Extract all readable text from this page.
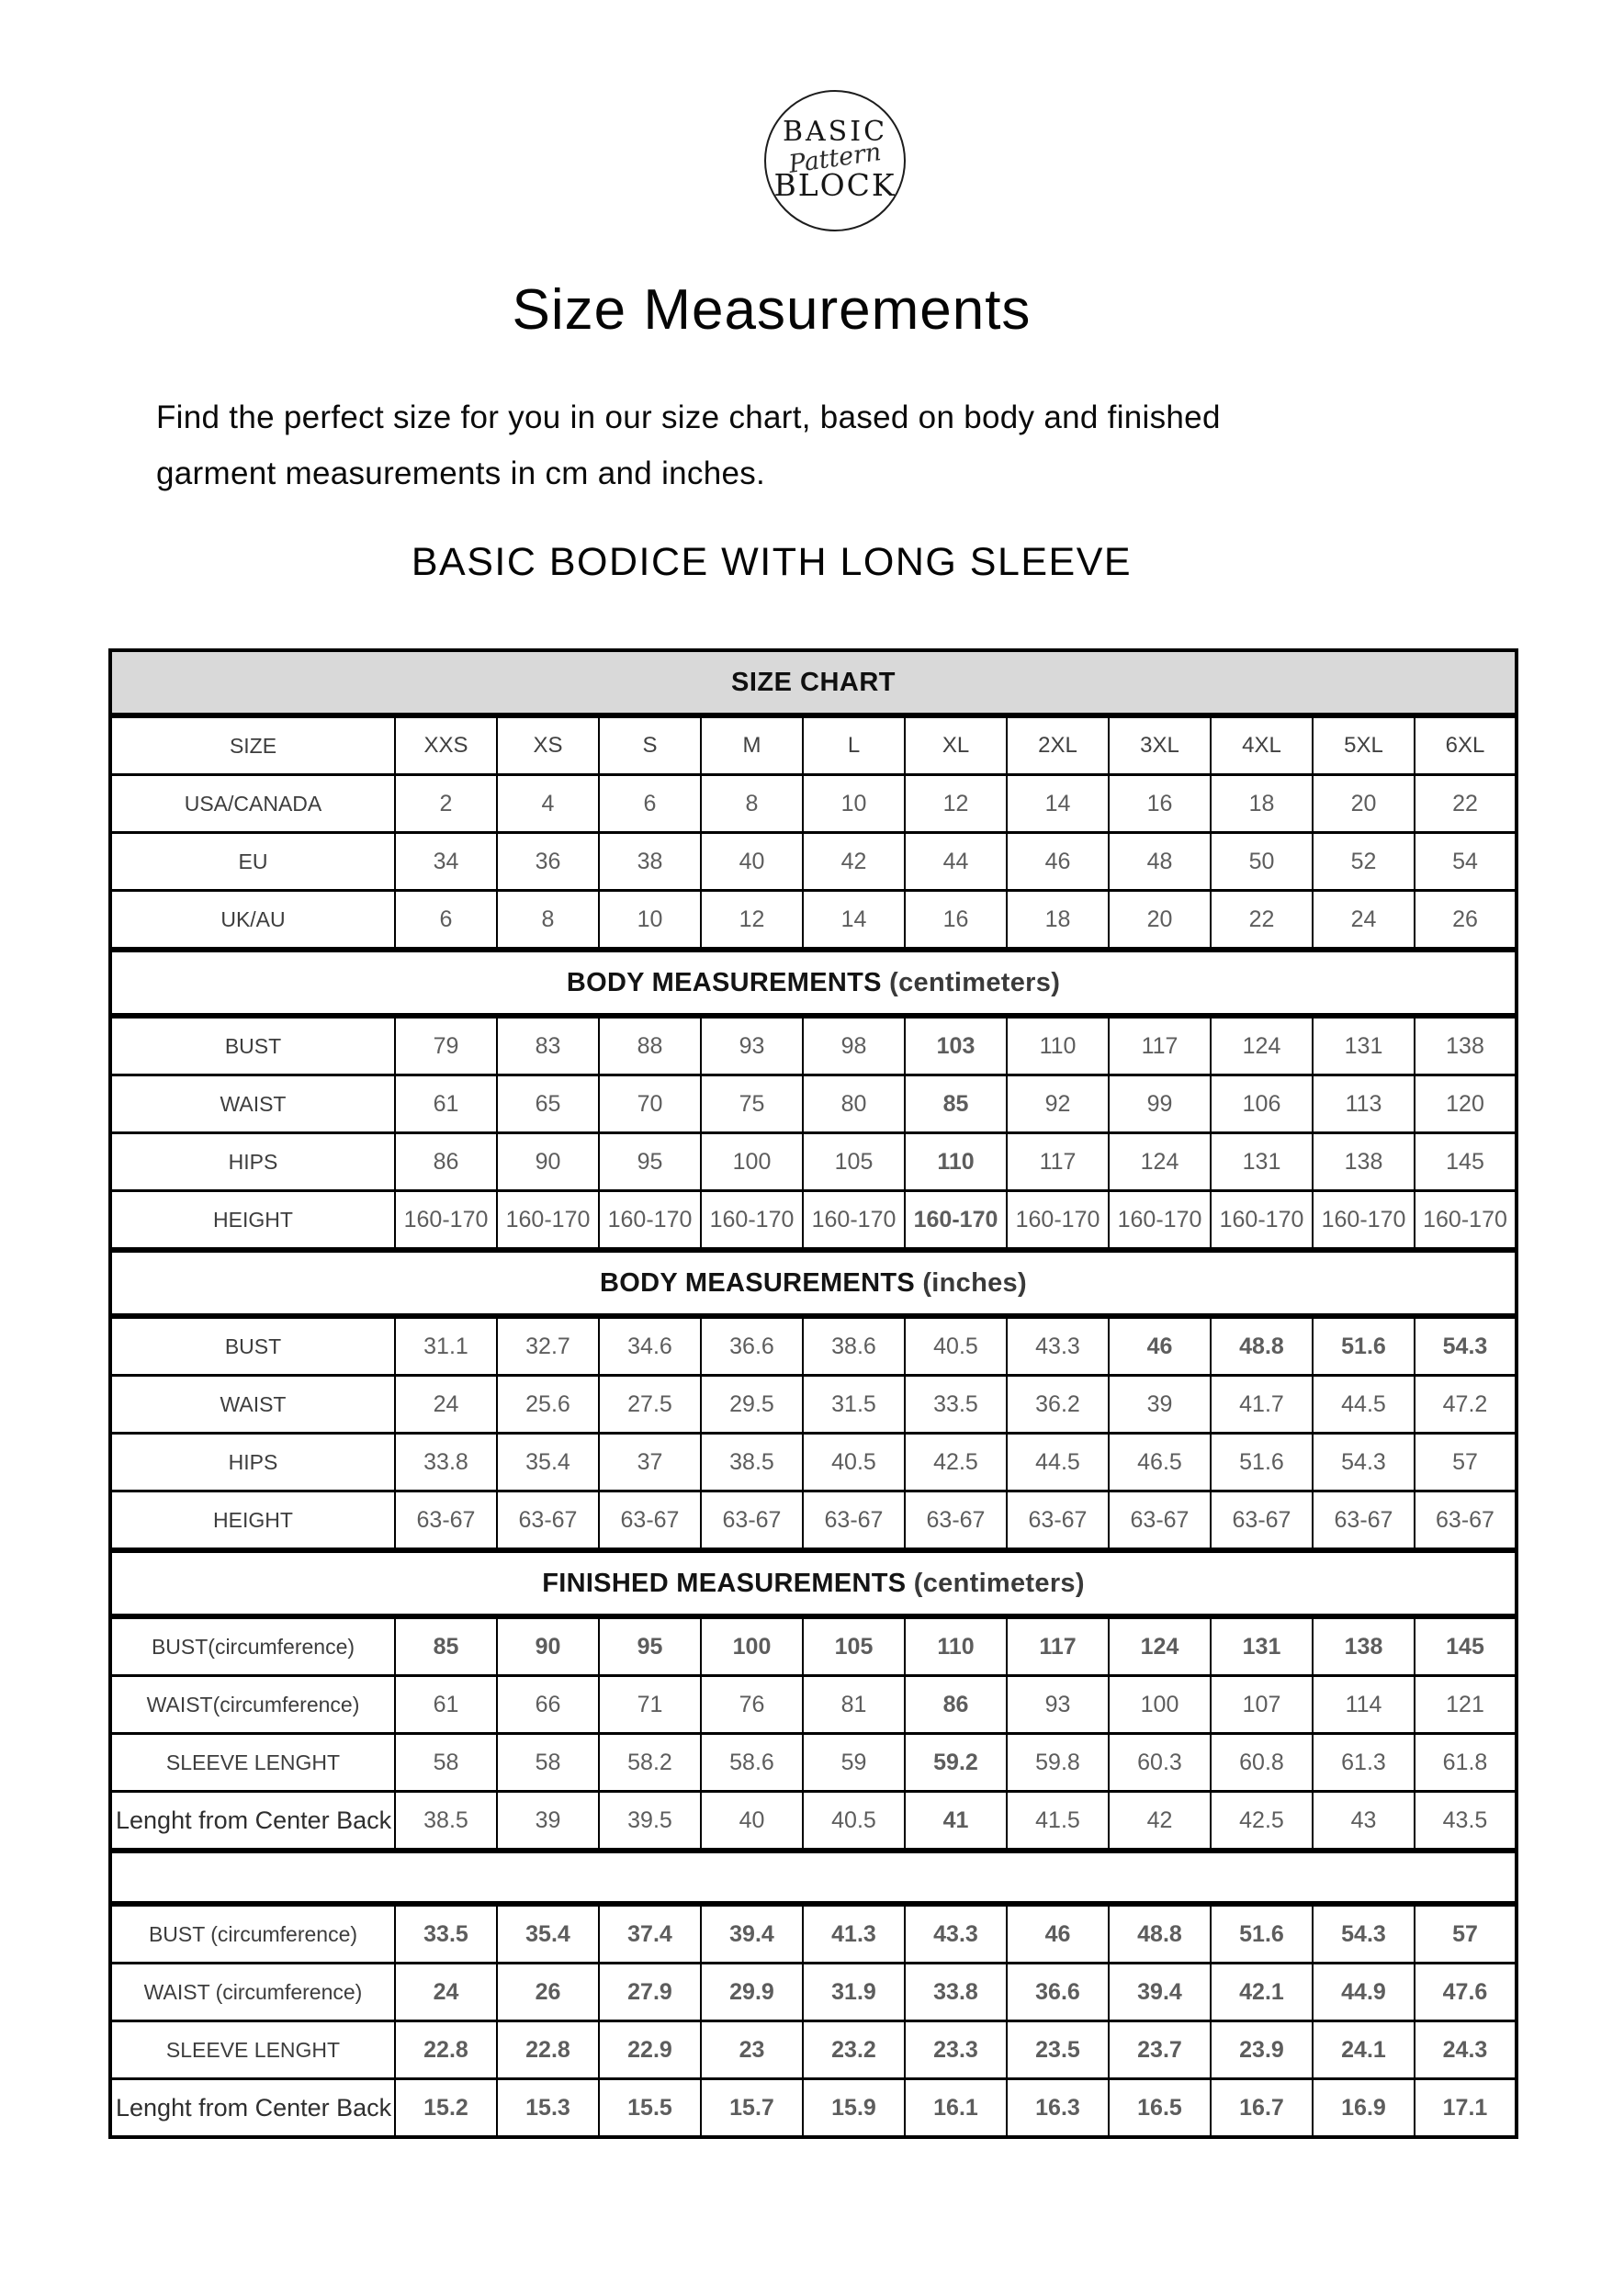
BASIC
Pattern
BLOCK
Size Measurements

Find the perfect size for you in our size chart, based on body and finished
garment measurements in cm and inches.

BASIC BODICE WITH LONG SLEEVE
SIZE CHART											
SIZE	XXS	XS	S	M	L	XL	2XL	3XL	4XL	5XL	6XL
USA/CANADA	2	4	6	8	10	12	14	16	18	20	22
EU	34	36	38	40	42	44	46	48	50	52	54
UK/AU	6	8	10	12	14	16	18	20	22	24	26
BODY MEASUREMENTS (centimeters)											
BUST	79	83	88	93	98	103	110	117	124	131	138
WAIST	61	65	70	75	80	85	92	99	106	113	120
HIPS	86	90	95	100	105	110	117	124	131	138	145
HEIGHT	160-170	160-170	160-170	160-170	160-170	160-170	160-170	160-170	160-170	160-170	160-170
BODY MEASUREMENTS (inches)											
BUST	31.1	32.7	34.6	36.6	38.6	40.5	43.3	46	48.8	51.6	54.3
WAIST	24	25.6	27.5	29.5	31.5	33.5	36.2	39	41.7	44.5	47.2
HIPS	33.8	35.4	37	38.5	40.5	42.5	44.5	46.5	51.6	54.3	57
HEIGHT	63-67	63-67	63-67	63-67	63-67	63-67	63-67	63-67	63-67	63-67	63-67
FINISHED MEASUREMENTS (centimeters)											
BUST(circumference)	85	90	95	100	105	110	117	124	131	138	145
WAIST(circumference)	61	66	71	76	81	86	93	100	107	114	121
SLEEVE LENGHT	58	58	58.2	58.6	59	59.2	59.8	60.3	60.8	61.3	61.8
Lenght from Center Back	38.5	39	39.5	40	40.5	41	41.5	42	42.5	43	43.5

BUST (circumference)	33.5	35.4	37.4	39.4	41.3	43.3	46	48.8	51.6	54.3	57
WAIST (circumference)	24	26	27.9	29.9	31.9	33.8	36.6	39.4	42.1	44.9	47.6
SLEEVE LENGHT	22.8	22.8	22.9	23	23.2	23.3	23.5	23.7	23.9	24.1	24.3
Lenght from Center Back	15.2	15.3	15.5	15.7	15.9	16.1	16.3	16.5	16.7	16.9	17.1
